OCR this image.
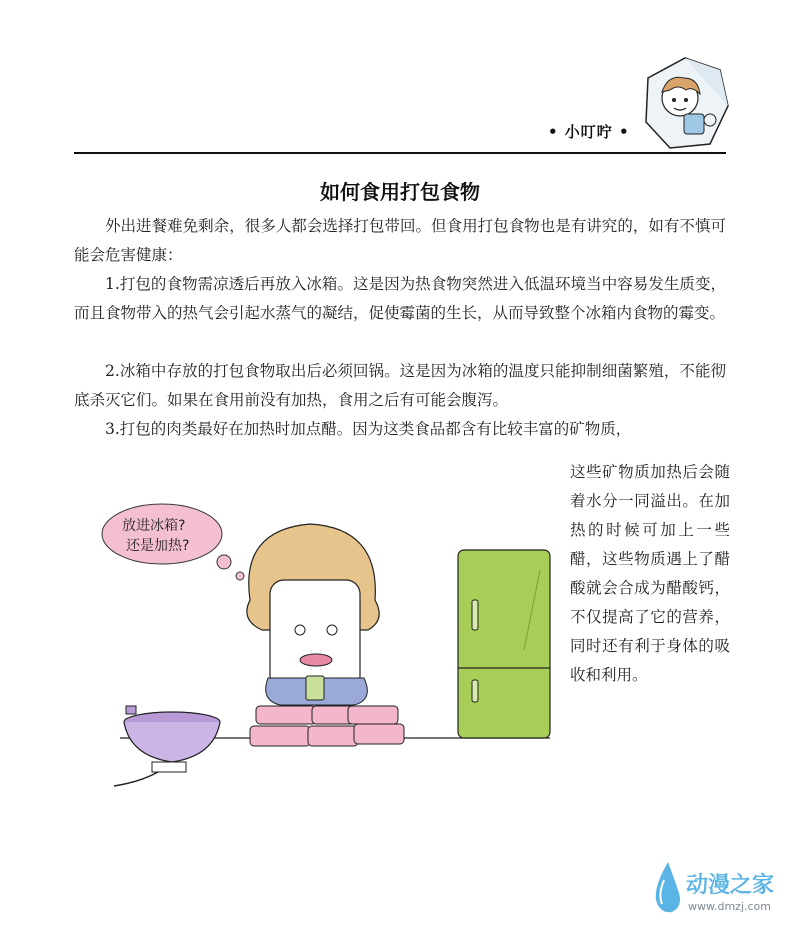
• 小叮咛 •
如何食用打包食物

外出进餐难免剩余，很多人都会选择打包带回。但食用打包食物也是有讲究的，如有不慎可能会危害健康：

1.打包的食物需凉透后再放入冰箱。这是因为热食物突然进入低温环境当中容易发生质变，而且食物带入的热气会引起水蒸气的凝结，促使霉菌的生长，从而导致整个冰箱内食物的霉变。

2.冰箱中存放的打包食物取出后必须回锅。这是因为冰箱的温度只能抑制细菌繁殖，不能彻底杀灭它们。如果在食用前没有加热，食用之后有可能会腹泻。

3.打包的肉类最好在加热时加点醋。因为这类食品都含有比较丰富的矿物质，

这些矿物质加热后会随着水分一同溢出。在加热的时候可加上一些醋，这些物质遇上了醋酸就会合成为醋酸钙，不仅提高了它的营养，同时还有利于身体的吸收和利用。

放进冰箱?
还是加热?
动漫之家
www.dmzj.com
